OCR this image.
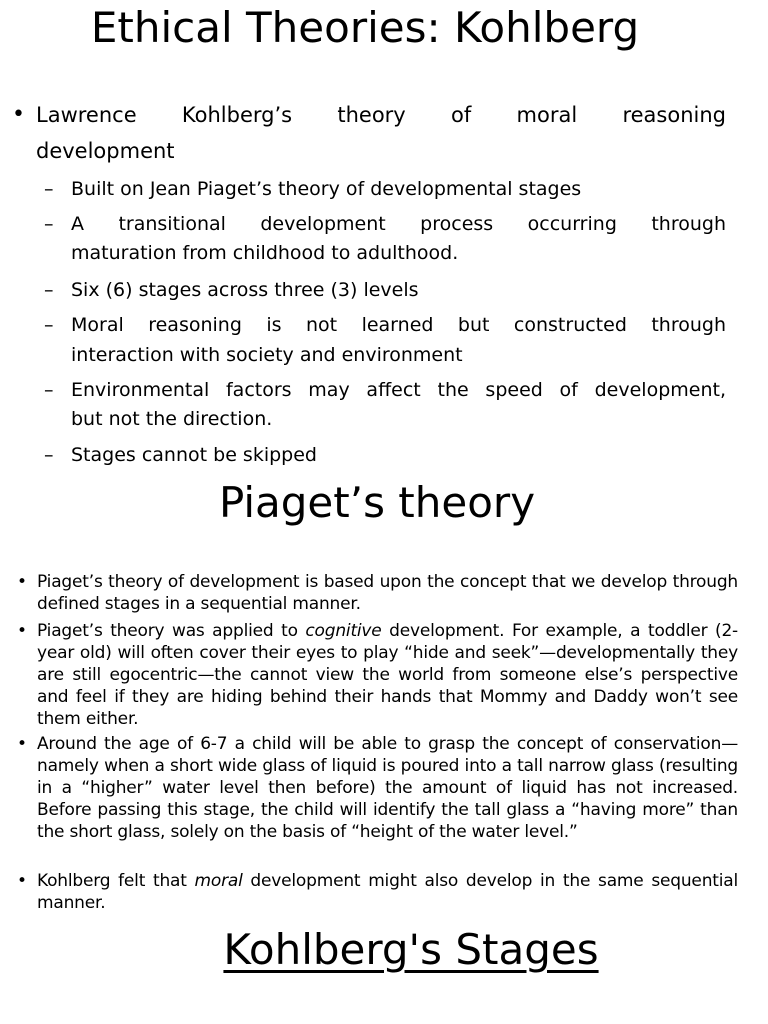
Ethical Theories: Kohlberg
• Lawrence Kohlberg’s theory of moral reasoning
development
– Built on Jean Piaget’s theory of developmental stages
– A transitional development process occurring through
maturation from childhood to adulthood.
– Six (6) stages across three (3) levels
– Moral reasoning is not learned but constructed through
interaction with society and environment
– Environmental factors may affect the speed of development,
but not the direction.
– Stages cannot be skipped
Piaget’s theory
• Piaget’s theory of development is based upon the concept that we develop through defined stages in a sequential manner.
• Piaget’s theory was applied to cognitive development. For example, a toddler (2-year old) will often cover their eyes to play “hide and seek”—developmentally they are still egocentric—the cannot view the world from someone else’s perspective and feel if they are hiding behind their hands that Mommy and Daddy won’t see them either.
• Around the age of 6-7 a child will be able to grasp the concept of conservation—namely when a short wide glass of liquid is poured into a tall narrow glass (resulting in a “higher” water level then before) the amount of liquid has not increased. Before passing this stage, the child will identify the tall glass a “having more” than the short glass, solely on the basis of “height of the water level.”
• Kohlberg felt that moral development might also develop in the same sequential manner.
Kohlberg's Stages
